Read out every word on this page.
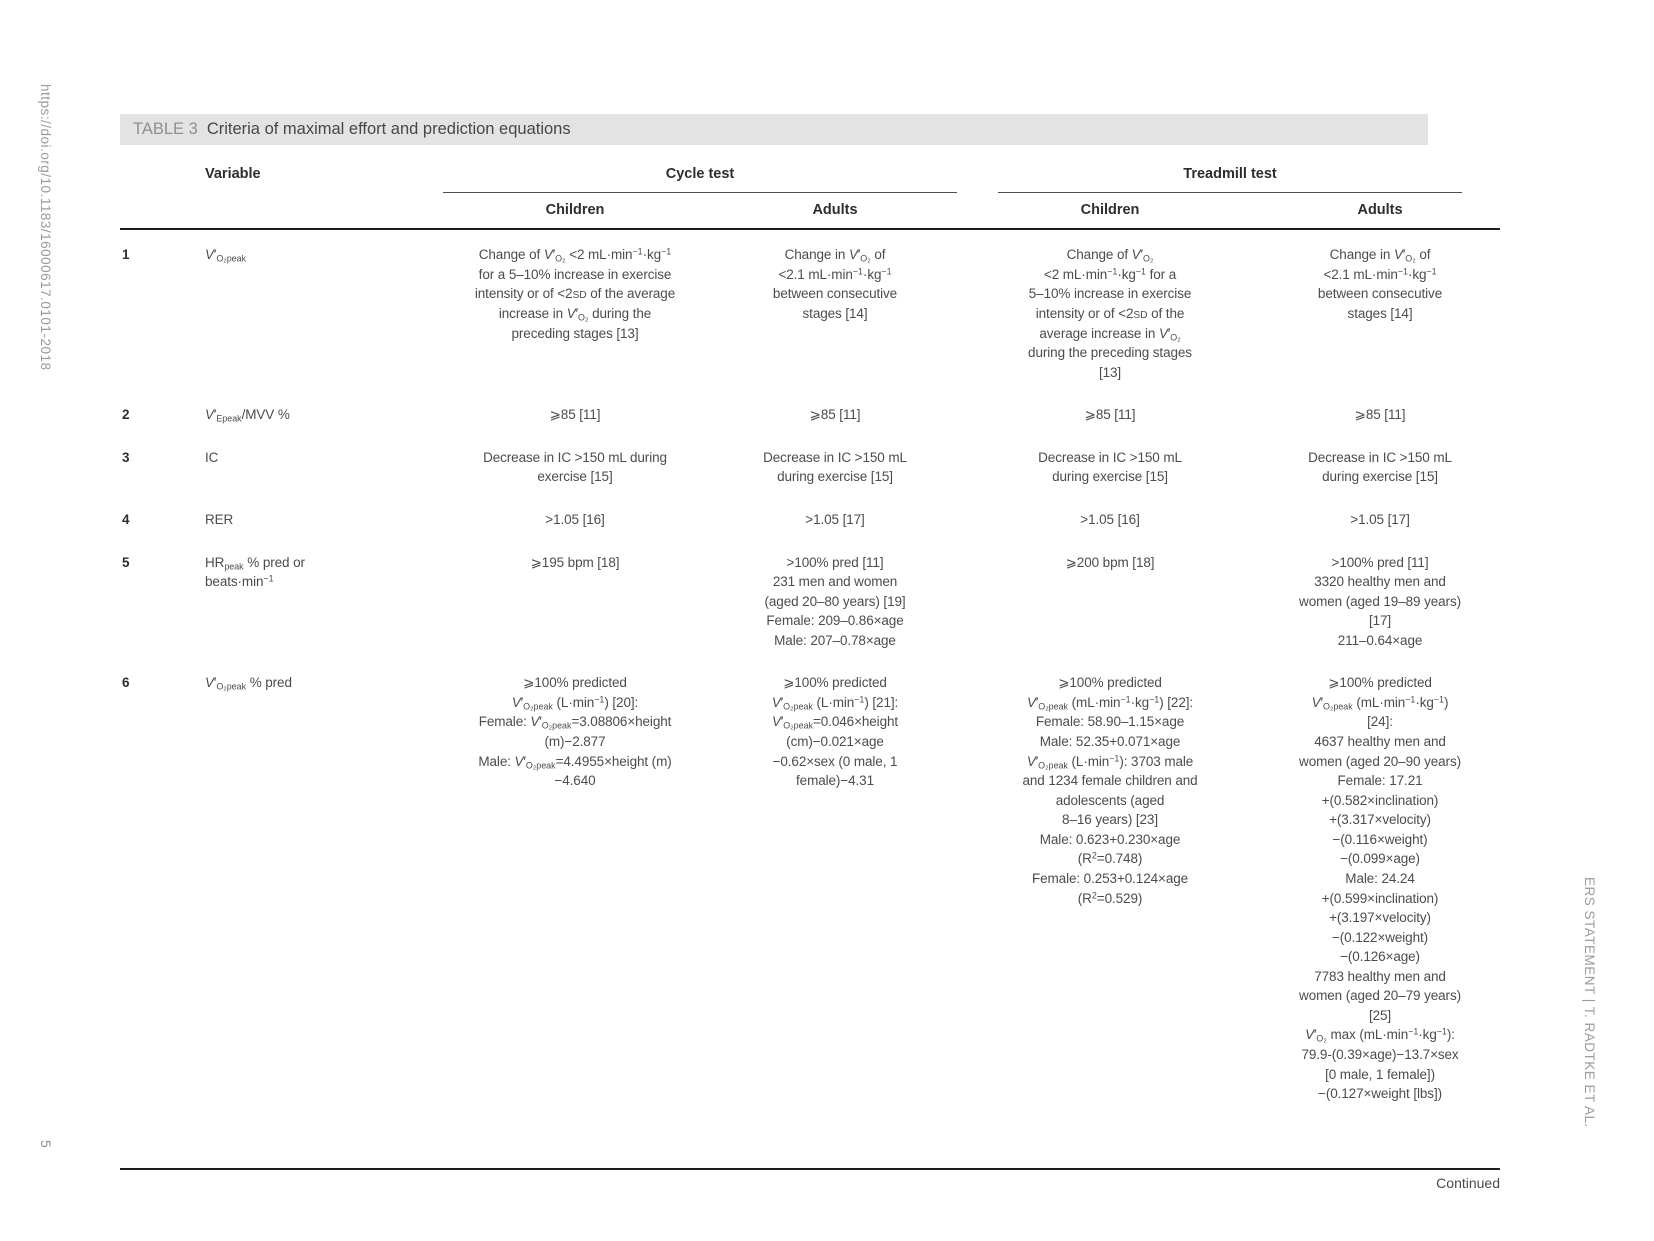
https://doi.org/10.1183/16000617.0101-2018
5
ERS STATEMENT | T. RADTKE ET AL.
TABLE 3 Criteria of maximal effort and prediction equations
	Variable	Cycle test		Treadmill test	

		Children	Adults	Children	Adults
1	$V'_{O_2peak}$	Change of $V'_{O_2} <2$ $mL\cdot\min^{-1}\cdot kg^{-1}$
for a 5–10% increase in exercise
intensity or of <2SD of the average
increase in $V'_{O_2}$ during the
preceding stages [13]	Change in $V'_{O_2}$ of
<2.1 $mL\cdot\min^{-1}\cdot kg^{-1}$
between consecutive
stages [14]	Change of $V'_{O_2}$
<2 $mL\cdot\min^{-1}\cdot kg^{-1}$ for a
5–10% increase in exercise
intensity or of <2SD of the
average increase in $V'_{O_2}$
during the preceding stages
[13]	Change in $V'_{O_2}$ of
<2.1 $mL\cdot\min^{-1}\cdot kg^{-1}$
between consecutive
stages [14]
2	$V'_{Epeak}$/MVV %	⩾85 [11]	⩾85 [11]	⩾85 [11]	⩾85 [11]
3	IC	Decrease in IC >150 mL during
exercise [15]	Decrease in IC >150 mL
during exercise [15]	Decrease in IC >150 mL
during exercise [15]	Decrease in IC >150 mL
during exercise [15]
4	RER	>1.05 [16]	>1.05 [17]	>1.05 [16]	>1.05 [17]
5	$HR_{peak}$ % pred or
$beats\cdot\min^{-1}$	⩾195 bpm [18]	>100% pred [11]
231 men and women
(aged 20–80 years) [19]
Female: 209–0.86×age
Male: 207–0.78×age	⩾200 bpm [18]	>100% pred [11]
3320 healthy men and
women (aged 19–89 years)
[17]
211–0.64×age
6	$V'_{O_2peak}$ % pred	⩾100% predicted
$V'_{O_2peak}$ $(L\cdot\min^{-1})$ [20]:
Female: $V'_{O_2peak}=3.08806\times height$
(m)−2.877
Male: $V'_{O_2peak}=4.4955\times height$ (m)
−4.640	⩾100% predicted
$V'_{O_2peak}$ $(L\cdot\min^{-1})$ [21]:
$V'_{O_2peak}=0.046\times height$
(cm)−0.021×age
−0.62×sex (0 male, 1
female)−4.31	⩾100% predicted
$V'_{O_2peak}$ $(mL\cdot\min^{-1}\cdot kg^{-1})$ [22]:
Female: 58.90–1.15×age
Male: 52.35+0.071×age
$V'_{O_2peak}$ $(L\cdot\min^{-1})$: 3703 male
and 1234 female children and
adolescents (aged
8–16 years) [23]
Male: 0.623+0.230×age
$(R^2=0.748)$
Female: 0.253+0.124×age
$(R^2=0.529)$	⩾100% predicted
$V'_{O_2peak}$ $(mL\cdot\min^{-1}\cdot kg^{-1})$
[24]:
4637 healthy men and
women (aged 20–90 years)
Female: 17.21
+(0.582×inclination)
+(3.317×velocity)
−(0.116×weight)
−(0.099×age)
Male: 24.24
+(0.599×inclination)
+(3.197×velocity)
−(0.122×weight)
−(0.126×age)
7783 healthy men and
women (aged 20–79 years)
[25]
$V'_{O_2}$ $\max (mL\cdot\min^{-1}\cdot kg^{-1})$:
79.9-(0.39×age)−13.7×sex
[0 male, 1 female])
−(0.127×weight [lbs])
Continued
